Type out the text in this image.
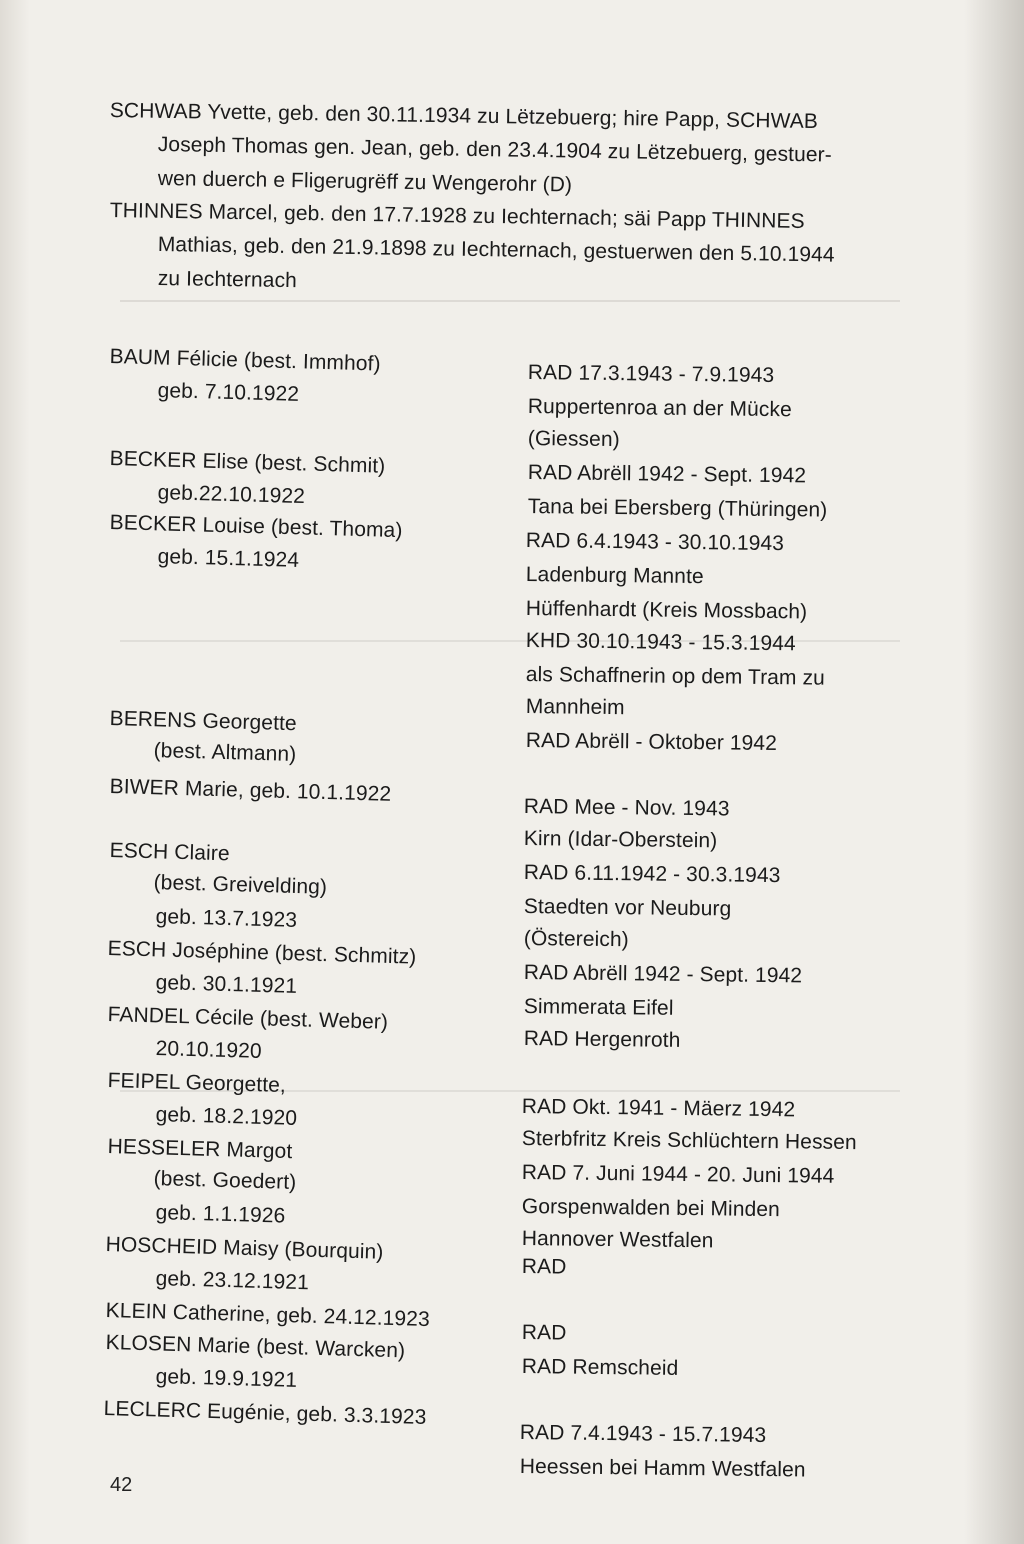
SCHWAB Yvette, geb. den 30.11.1934 zu Lëtzebuerg; hire Papp, SCHWAB
Joseph Thomas gen. Jean, geb. den 23.4.1904 zu Lëtzebuerg, gestuer-
wen duerch e Fligerugrëff zu Wengerohr (D)
THINNES Marcel, geb. den 17.7.1928 zu Iechternach; säi Papp THINNES
Mathias, geb. den 21.9.1898 zu Iechternach, gestuerwen den 5.10.1944
zu Iechternach
BAUM Félicie (best. Immhof)
geb. 7.10.1922
BECKER Elise (best. Schmit)
geb.22.10.1922
BECKER Louise (best. Thoma)
geb. 15.1.1924
BERENS Georgette
(best. Altmann)
BIWER Marie, geb. 10.1.1922
ESCH Claire
(best. Greivelding)
geb. 13.7.1923
ESCH Joséphine (best. Schmitz)
geb. 30.1.1921
FANDEL Cécile (best. Weber)
20.10.1920
FEIPEL Georgette,
geb. 18.2.1920
HESSELER Margot
(best. Goedert)
geb. 1.1.1926
HOSCHEID Maisy (Bourquin)
geb. 23.12.1921
KLEIN Catherine, geb. 24.12.1923
KLOSEN Marie (best. Warcken)
geb. 19.9.1921
LECLERC Eugénie, geb. 3.3.1923
RAD 17.3.1943 - 7.9.1943
Ruppertenroa an der Mücke
(Giessen)
RAD Abrëll 1942 - Sept. 1942
Tana bei Ebersberg (Thüringen)
RAD 6.4.1943 - 30.10.1943
Ladenburg Mannte
Hüffenhardt (Kreis Mossbach)
KHD 30.10.1943 - 15.3.1944
als Schaffnerin op dem Tram zu
Mannheim
RAD Abrëll - Oktober 1942
RAD Mee - Nov. 1943
Kirn (Idar-Oberstein)
RAD 6.11.1942 - 30.3.1943
Staedten vor Neuburg
(Östereich)
RAD Abrëll 1942 - Sept. 1942
Simmerata Eifel
RAD Hergenroth
RAD Okt. 1941 - Mäerz 1942
Sterbfritz Kreis Schlüchtern Hessen
RAD 7. Juni 1944 - 20. Juni 1944
Gorspenwalden bei Minden
Hannover Westfalen
RAD
RAD
RAD Remscheid
RAD 7.4.1943 - 15.7.1943
Heessen bei Hamm Westfalen
42
